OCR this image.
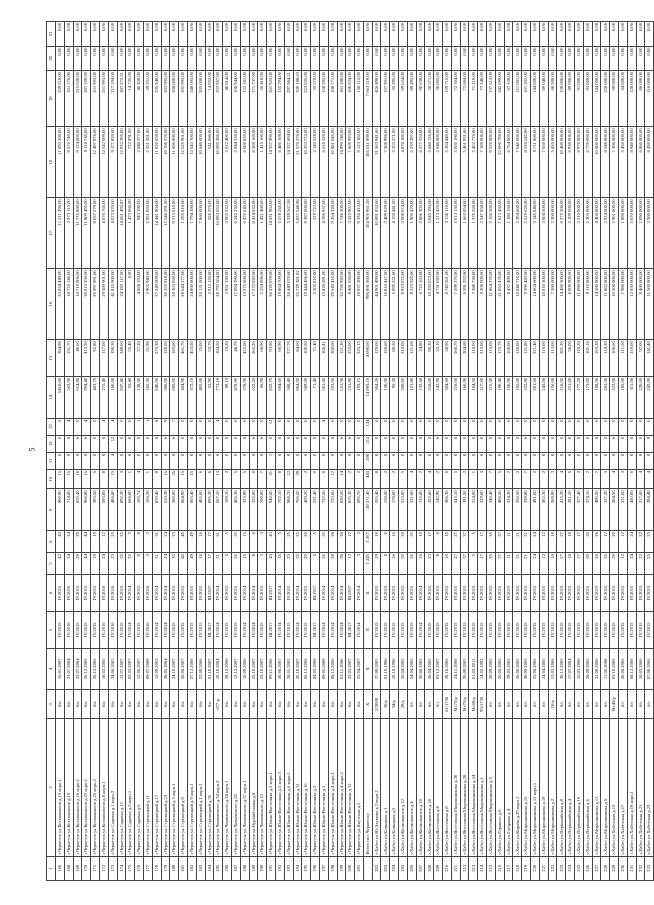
5
1	2	3	4	5	6	7	8	9	10	11	12	13	14	15	16	17	18	19	20	21
166	г.Черкесск ул.Космонавтов д.15 корп.1	б/к	16.01.2007	IV.2015	IV.2015	42	42	900,90	15	6	0	6	6410,00	384,90	33 034 449,00	11 211 396,00	11 093 300,00	259 210,00	0,00	0,00
168	г.Черкесск ул.Космонавтов д.16	б/к	23.07.2004	IV.2016	IV.2016	34	34	714,60	15	0	0	4	563,90	151,70	18 725 146,00	3 973 115,00	9 576 740,00	101 176,00	0,00	0,00
169	г.Черкесск ул.Космонавтов д.16 корп.1	б/к	23.07.2004	IV.2015	IV.2015	28	28	655,40	16	0	0	0	614,80	40,60	16 719 006,00	11 735 860,00	9 124 000,00	215 020,00	0,00	0,00
170	г.Черкесск ул.Космонавтов д.25 корп.1	б/к	26.12.2006	IV.2015	IV.2015	44	44	966,80	15	0	0	4	994,40	412,30	38 015 350,00	11 809 495,00	9 118 745,00	287 109,00	0,00	0,00
171	г.Черкесск ул.Космонавтов д.25 корп.2	б/к	26.12.2006	IV.2015	IV.2015	19	19	395,50	5	0	0	0	403,70	92,80	20 097 891,00	8 057 279,00	12 497 976,00	251 993,00	0,00	0,00
172	г.Черкесск ул.Космонавтов д.8 корп.1	б/к	18.02.2005	IV.2016	IV.2016	24	12	593,00	8	0	0	4	275,40	117,00	29 589 901,00	4 076 765,00	12 542 099,00	251 993,00	0,00	0,00
173	г.Черкесск ул.Садовая д.1 корп.2	б/к	24.06.2005	IV.2016	IV.2016	25	25	486,80	15	4	12	4	186,00	190,30	41 815 900,00	4 073 070,00	9 177 820,00	217 194,00	0,00	0,00
174	г.Черкесск ул.Садовая д.12	б/к	12.07.2007	IV.2015	IV.2015	35	35	892,30	3	0	0	6	837,40	349,00	24 282 117,00	14 661 492,87	12 932 295,00	287 272,21	0,00	0,00
175	г.Черкесск ул.Садовая д.5 корп.1	б/к	02.03.2007	IV.2014	IV.2014	35	3	666,00	1	0	0	0	55,40	55,40	0,00	1 473 660,00	722 891,00	14 725,00	0,00	0,00
176	г.Черкесск ул.Садовая д.6	б/к	12.06.2007	IV.2015	IV.2015	8	8	165,74	4	0	0	1	138,50	27,20	4 868 193,00	943 190,00	2 040 377,00	46 458,00	0,00	0,00
177	г.Черкесск ул.Стрелецкий д.11	б/к	08.07.2008	IV.2016	IV.2016	3	3	106,20	1	0	0	1	105,50	51,90	2 902 940,00	2 951 093,00	2 551 201,00	29 251,00	0,00	0,00
178	г.Черкесск ул.Стрелецкий д.17	б/к	15.09.2003	IV.2014	IV.2014	31	31	870,40	8	0	0	8	840,00	275,30	27 249 009,00	14 441 904,00	11 020 859,00	235 940,00	0,00	0,00
179	г.Черкесск ул.Стрелецкий д.23	б/к	28.05.2004	IV.2014	IV.2014	24	24	510,38	15	0	0	9	506,00	120,50	20 355 918,00	12 546 291,00	10 706 570,00	202 995,00	0,00	0,00
180	г.Черкесск ул.Стрелецкий д.3 корп.1	б/к	24.10.2007	IV.2015	IV.2015	35	35	500,00	25	0	0	7	695,00	183,00	28 303 928,00	9 513 010,00	11 000 000,00	208 000,00	0,00	0,00
181	г.Черкесск ул.Стрелецкий д.9	б/к	26.06.2007	IV.2015	IV.2015	40	40	804,90	15	0	0	0	404,90	461,70	28 644 277,00	1 295 816,00	12 525 901,00	205 993,00	0,00	0,00
182	г.Черкесск ул.Стрелецкий д.9 корп.1	б/к	27.12.2006	IV.2015	IV.2015	49	49	605,40	15	0	0	0	372,10	453,50	24 860 000,00	1 794 280,00	12 643 700,00	248 093,00	0,00	0,00
183	г.Черкесск ул.Стрелецкий д.1 корп.1	б/к	22.09.2006	IV.2015	IV.2015	16	16	405,00	6	0	0	0	405,00	35,00	20 131 000,00	7 860 000,00	10 640 000,00	205 000,00	0,00	0,00
184	г.Черкесск ул.Стрелецкий д.35	б/к	01.10.2007	III.2017	III.2017	17	17	895,30	6	0	0	0	52,90	53,70	2 012 120,00	226 276,00	541 060,00	14 952,00	0,00	0,00
185	г.Черкесск ул.Чапаевского д.34 корп.2	677-р	10.10.2004	IV.2014	IV.2014	31	31	667,10	13	0	0	4	773,10	104,50	28 792 564,00	16 083 652,00	10 690 280,00	253 957,00	0,00	0,00
186	г.Черкесск ул.Чапаевского д.34 корп.1	б/к	28.12.2006	IV.2015	IV.2015	5	5	109,10	2	0	0	0	89,10	18,20	3 951 330,00	3 002 532,00	2 612 460,00	40 814,00	0,00	0,00
187	г.Черкесск ул.Чапаевского д.35	б/к	12.12.2007	IV.2015	IV.2015	25	25	465,30	5	0	0	0	478,90	48,70	17 094 290,00	6 542 250,00	5 944 230,00	108 944,00	0,00	0,00
188	г.Черкесск ул.Чапаевского д.37 корп.1	б/к	10.09.2006	IV.2014	IV.2014	15	15	323,90	5	0	0	0	378,90	425,00	13 275 060,00	6 470 645,00	6 008 820,00	132 181,00	0,00	0,00
189	г.Черкесск ул.Нурбий-плаца д.8	б/к	25.10.2007	IV.2014	IV.2014	8	8	325,00	0	0	0	0	622,20	265,20	17 572 020,00	8 414 632,00	8 569 169,00	171 737,00	0,00	0,00
190	г.Черкесск ул.Чапаевского д.12	б/к	23.10.2007	IV.2015	IV.2015	3	3	700,00	7	0	0	0	66,90	66,90	2 554 096,00	1 421 460,00	1 415 160,00	26 418,00	0,00	0,00
191	г.Черкесск ул.Южно-Восточная д.5 корп.1	б/к	09.11.2006	III.2017	III.2017	43	43	946,60	21	1	0	12	852,70	93,90	36 220 070,00	14 631 962,00	14 357 900,00	261 923,00	0,00	0,00
192	г.Черкесск ул.Южно-Восточная д.5 корп.3	б/к	26.06.2007	IV.2014	IV.2014	35	5	702,10	8	6	0	0	604,60	60,90	19 864 709,00	5 578 245,00	8 480 108,00	155 294,00	0,00	0,00
193	г.Черкесск ул.Южно-Восточная д.6 корп.1	б/к	28.01.2002	IV.2015	IV.2015	25	25	968,70	12	0	0	0	508,40	277,70	28 449 079,00	5 339 567,58	14 337 694,00	297 964,21	0,00	0,00
194	г.Черкесск ул.Южно-Восточная д.11	б/к	20.10.2007	IV.2014	IV.2014	35	35	766,50	29	0	0	0	804,00	84,00	35 729 281,82	5 837 548,98	21 570 270,00	330 188,63	0,00	0,00
195	г.Черкесск ул.Южно-Восточная д.16	б/к	06.12.2006	IV.2015	IV.2015	20	20	469,20	2	0	0	0	569,00	100,50	19 444 456,00	9 387 000,00	10 253 722,00	223 025,00	0,00	0,00
196	г.Черкесск ул.Южно-Восточная д.2	б/к	04.05.2008	III.2017	III.2017	5	5	231,40	0	0	0	0	71,40	71,40	2 503 810,00	219 722,00	2 142 518,00	35 579,00	0,00	0,00
197	г.Черкесск ул.Южно-Восточная д.1	б/к	08.05.2008	IV.2014	IV.2014	25	25	732,50	8	0	0	4	501,60	100,41	15 828 691,00	4 786 937,00	6 618 320,00	158 592,00	0,00	0,00
198	г.Черкесск ул.Южно-Восточная д.4 корп.1	б/к	08.12.2006	IV.2014	IV.2014	28	28	723,00	12	0	0	0	323,00	300,00	29 645 410,00	9 264 328,00	10 881 045,00	188 771,00	0,00	0,00
199	г.Черкесск ул.Южно-Восточная д.4 корп.2	б/к	02.11.2006	IV.2014	IV.2014	38	38	820,20	14	0	0	0	521,50	121,30	32 750 920,00	7 746 200,00	14 990 740,00	301 180,00	0,00	0,00
200	г.Черкесск ул.Южно-Восточная д.12	б/к	23.03.2007	III.2017	III.2017	12	12	875,30	2	0	0	0	231,80	255,00	8 881 630,00	3 322 907,00	7 669 993,00	100 824,00	0,00	0,00
201	г.Черкесск ул.Якутская д.2	б/к	25.04.2007	IV.2014	IV.2014	3	3	692,70	2	0	0	0	193,15	225,15	10 037 200,00	9 336 412,00	9 123 182,00	158 112,00	0,00	0,00
	Итого по г.Черкесску	Х	Х	Х	Х	1 245	1 267	28 571,40	443	200	212	134	14 893,10	4 698,00	996 891 660,00	354 905 961,28	385 011 009,00	7 663 219,00	0,00	0,00
202	г.Хабез ул.Ю.Ахумова д.2 корп.2	2/2009	27.09.2005	IV.2015	IV.2015	29	18	555,40	8	0	0	0	304,20	129,00	44 901 499,00	10 891 052,00	31 563 941,00	426 498,00	0,00	0,00
203	г.Хабез ул.Клинцова д.1	3б/р	01.10.1986	IV.2015	IV.2015	8	0	158,60	2	0	0	0	130,00	158,60	10 816 417,00	2 409 029,00	7 508 996,00	107 901,00	0,00	0,00
204	г.Хабез ул.Клинцова д.5	34/р	10.10.1996	IV.2015	IV.2015	16	16	178,00	2	0	0	0	95,30	80,50	5 095 521,00	4 150 441,00	2 253 271,00	35 295,00	0,00	0,00
205	г.Хабез ул.Космонавтов д.12	29/р	26.04.2005	IV.2015	IV.2015	20	20	313,00	5	0	0	0	200,00	312,00	8 923 072,00	3 008 074,00	4 870 180,00	89 624,00	0,00	0,00
206	г.Хабез ул.Космонавтов д.4	б/с	24.04.2005	IV.2015	IV.2015	25	25	321,00	4	0	0	0	121,80	121,00	8 223 920,00	1 906 470,00	6 239 287,00	89 492,00	0,00	0,00
207	г.Хабез ул.Космонавтов д.10	б/с	26.06.2005	IV.2014	IV.2014	10	10	132,60	2	0	0	0	132,60	24,80	6 723 163,00	2 006 302,00	6 277 332,00	90 638,00	0,00	0,00
208	г.Хабез ул.Космонавтов д.18	б/с	26.04.2005	IV.2015	IV.2015	23	17	322,60	4	0	0	0	216,00	96,30	10 293 073,00	3 045 193,00	5 640 136,00	56 571,00	0,00	0,00
209	г.Хабез ул.Восточная д.4	5/т	03.12.2007	IV.2015	IV.2015	8	8	142,90	2	0	0	0	142,90	52,10	4 731 020,00	1 213 470,00	2 640 000,00	50 005,00	0,00	0,00
210	г.Хабез ул.Восточная д.8	61/1736	28.10.2006	IV.2015	IV.2015	10	10	306,30	0	0	0	0	304,60	58,90	8 743 261,00	3 150 110,00	5 284 440,00	129 715,00	0,00	0,00
211	г.Хабез ул.Восточная Мирошникова д.30	Мс75/р	24.11.2006	IV.2015	IV.2015	27	27	543,10	5	0	0	0	216,00	260,70	7 599 370,00	3 013 130,00	5 050 190,00	72 504,00	0,00	0,00
212	г.Хабез ул.Восточная Мирошникова д.28	Мс75/р	20.09.2005	IV.2015	IV.2015	37	37	391,50	2	0	0	0	166,90	204,60	6 591 252,00	1 663 854,00	5 461 931,00	72 864,00	0,00	0,00
213	г.Хабез ул.Восточная Мирошникова д.24	Мс68/р	01.02.2011	IV.2015	IV.2015	5	5	214,00	1	0	0	0	104,50	110,00	7 388 730,00	1 370 220,00	5 452 770,00	71 219,00	0,00	0,00
214	г.Хабез ул.Восточная Мирошникова д.1	95/1736	14.02.1982	IV.2015	IV.2015	17	17	329,00	3	0	0	0	217,00	215,00	9 208 000,00	2 547 058,00	7 180 000,00	77 340,00	0,00	0,00
215	г.Хабез ул.Восточная Мирошникова д.5	б/с	28.09.2005	IV.2015	IV.2015	35	35	346,40	7	0	0	0	215,50	115,00	11 864 370,00	5 158 560,00	9 270 000,00	137 213,00	0,00	0,00
216	г.Хабез ул.Горького д.6	б/с	26.06.2005	IV.2015	IV.2015	37	37	406,50	5	0	0	0	190,40	175,70	21 853 470,00	7 613 450,00	22 060 796,00	342 699,00	0,00	0,00
217	г.Хабез ул.Гагарина д.4	б/с	29.03.2005	IV.2015	IV.2015	11	11	234,30	2	0	0	0	160,90	160,00	8 437 490,00	1 180 150,00	6 754 000,00	67 128,00	0,00	0,00
218	г.Хабез ул.Кирова д.29 корп.1	б/с	26.06.2005	IV.2015	IV.2015	21	21	356,50	2	0	0	0	185,00	120,00	10 840 710,00	3 394 660,00	7 640 000,00	111 001,00	0,00	0,00
219	г.Хабез ул.Мирошникова д.15	б/с	30.09.2005	IV.2015	IV.2015	21	21	339,80	7	0	0	0	322,80	121,80	9 590 420,00	2 519 620,00	8 520 542,00	101 202,00	0,00	0,00
220	г.Хабез ул.Мирошникова д.15 корп.1	б/с	25.06.2006	IV.2015	IV.2015	24	24	491,00	2	0	0	0	201,60	221,40	14 604 600,00	3 145 840,00	9 711 860,00	144 000,00	0,00	0,00
221	г.Хабез ул.Мирошникова д.19	б/с	24.04.2005	IV.2015	IV.2015	12	12	302,30	2	0	0	0	243,00	110,00	10 610 500,00	3 004 500,00	7 050 000,00	89 040,00	0,00	0,00
222	г.Хабез ул.Мирошникова д.2	10/к	12.05.2006	IV.2015	IV.2015	18	18	269,90	3	0	0	0	156,00	113,00	7 580 000,00	2 300 000,00	5 410 000,00	68 590,00	0,00	0,00
223	г.Хабез ул.Первомайская д.8	б/с	30.12.2005	IV.2015	IV.2015	27	27	415,20	4	0	0	0	216,00	281,20	14 450 500,00	6 275 500,00	10 460 000,00	138 000,00	0,00	0,00
224	г.Хабез ул.Первомайская д.4	б/с	17.07.2004	IV.2015	IV.2015	18	18	281,10	5	0	0	0	251,00	56,00	8 000 900,00	2 109 000,00	6 930 000,00	89 000,00	0,00	0,00
225	г.Хабез ул.Первомайская д.10	б/с	16.03.2006	IV.2015	IV.2015	17	17	377,40	2	0	0	0	177,20	110,20	11 090 000,00	2 210 000,00	8 970 000,00	91 000,00	0,00	0,00
226	г.Хабез ул.Первомайская д.6	б/с	28.09.2005	IV.2015	IV.2015	20	20	274,10	2	0	0	0	173,00	101,10	9 110 000,00	2 305 000,00	6 770 000,00	93 000,00	0,00	0,00
227	г.Хабез ул.Мирошникова д.11	б/с	22.08.2006	IV.2015	IV.2015	26	26	490,50	7	0	0	0	198,00	163,30	14 580 000,00	4 406 000,00	10 600 000,00	144 000,00	0,00	0,00
228	г.Хабез ул.Мирошникова д.5	б/с	11.06.2008	IV.2015	IV.2015	26	12	327,20	3	0	0	0	263,30	118,20	11 862 000,00	2 934 000,00	8 548 000,00	120 000,00	0,00	0,00
229	г.Хабез ул.Хабезская д.15	Мс45/р	03.10.2006	IV.2015	IV.2015	20	20	284,50	4	0	0	0	222,00	108,60	10 500 000,00	2 901 000,00	7 300 000,00	99 000,00	0,00	0,00
230	г.Хабез ул.Хабезская д.17	б/с	20.06.2006	IV.2015	IV.2015	12	12	221,00	3	0	0	0	185,00	111,50	7 980 000,00	1 890 000,00	5 450 000,00	64 000,00	0,00	0,00
231	г.Хабез ул.Хабезская д.19 корп.1	б/с	08.12.2006	IV.2015	IV.2015	24	24	430,00	6	0	0	0	311,00	119,00	12 650 000,00	3 670 000,00	8 940 000,00	128 000,00	0,00	0,00
232	г.Хабез ул.Хабезская д.21	б/с	18.03.2006	IV.2015	IV.2015	22	22	317,00	4	0	0	0	220,00	97,00	9 460 000,00	2 090 000,00	6 860 000,00	86 000,00	0,00	0,00
233	г.Хабез ул.Хабезская д.23	б/с	07.08.2006	IV.2015	IV.2015	25	25	394,40	4	0	0	0	242,00	141,40	11 500 000,00	3 300 000,00	8 430 000,00	116 000,00	0,00	0,00
